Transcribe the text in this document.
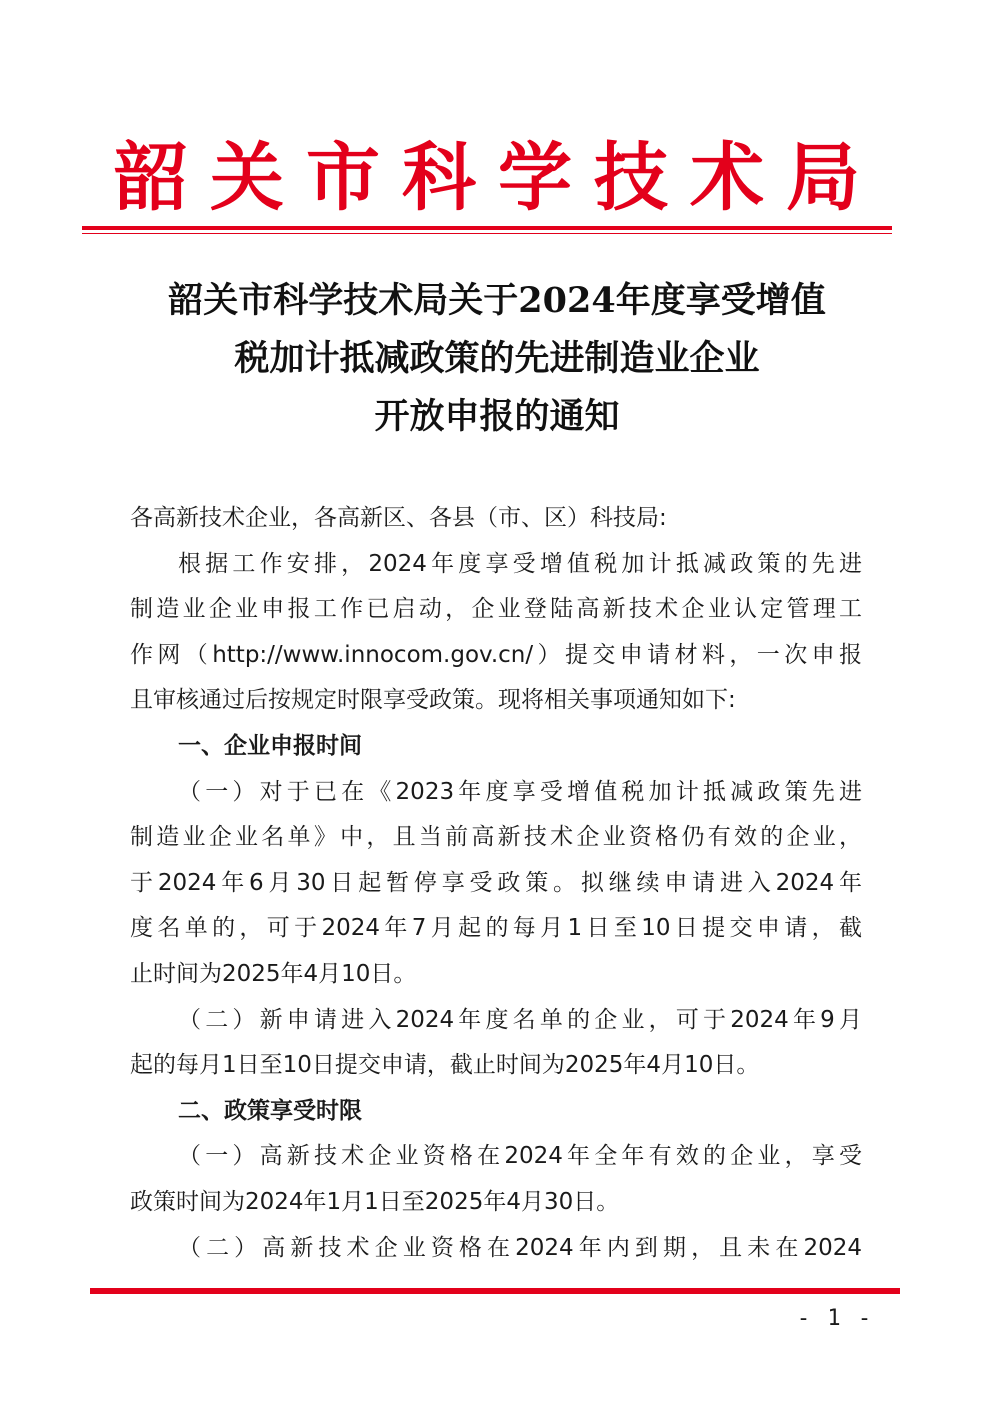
韶关市科学技术局
韶关市科学技术局关于2024年度享受增值
税加计抵减政策的先进制造业企业
开放申报的通知

各高新技术企业，各高新区、各县（市、区）科技局:

根据工作安排，2024年度享受增值税加计抵减政策的先进

制造业企业申报工作已启动，企业登陆高新技术企业认定管理工

作网（http://www.innocom.gov.cn/）提交申请材料，一次申报

且审核通过后按规定时限享受政策。现将相关事项通知如下:

一、企业申报时间

（一）对于已在《2023年度享受增值税加计抵减政策先进

制造业企业名单》中，且当前高新技术企业资格仍有效的企业，

于2024年6月30日起暂停享受政策。拟继续申请进入2024年

度名单的，可于2024年7月起的每月1日至10日提交申请，截

止时间为2025年4月10日。

（二）新申请进入2024年度名单的企业，可于2024年9月

起的每月1日至10日提交申请，截止时间为2025年4月10日。

二、政策享受时限

（一）高新技术企业资格在2024年全年有效的企业，享受

政策时间为2024年1月1日至2025年4月30日。

（二）高新技术企业资格在2024年内到期，且未在2024

- 1 -
